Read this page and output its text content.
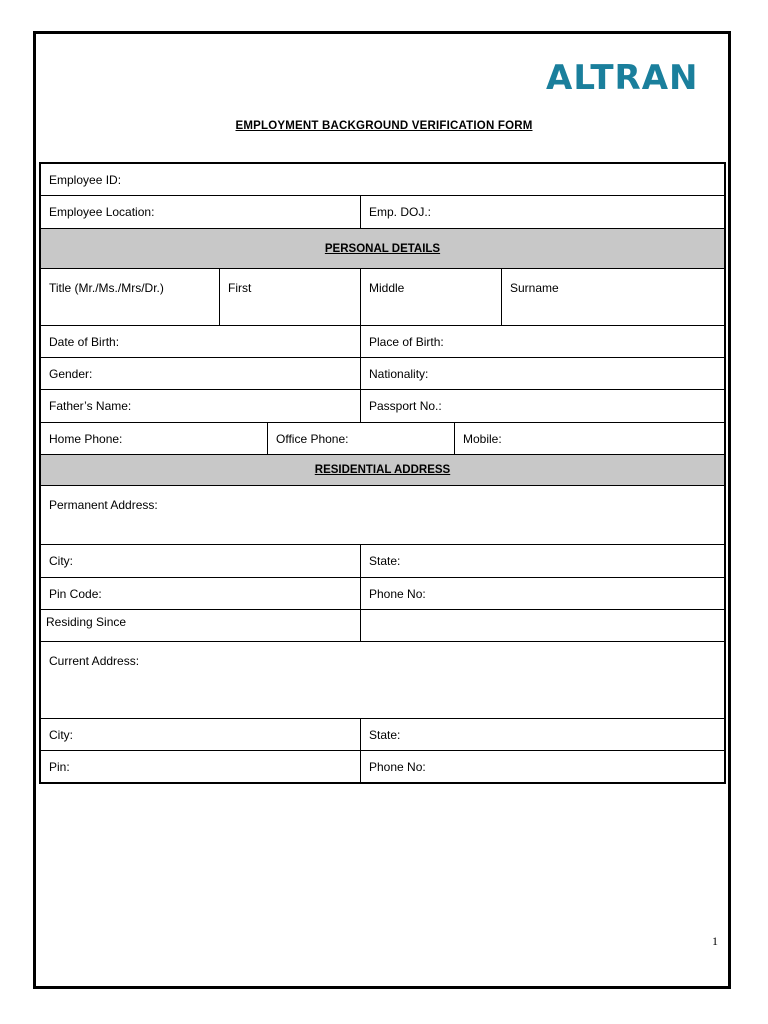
ALTRAN
EMPLOYMENT BACKGROUND VERIFICATION FORM
Employee ID:
Employee Location:	Emp. DOJ.:
PERSONAL DETAILS
Title (Mr./Ms./Mrs/Dr.)	First	Middle	Surname
Date of Birth:	Place of Birth:
Gender:	Nationality:
Father’s Name:	Passport No.:
Home Phone:	Office Phone:	Mobile:
RESIDENTIAL ADDRESS
Permanent Address:
City:	State:
Pin Code:	Phone No:
Residing Since
Current Address:
City:	State:
Pin:	Phone No:
1
